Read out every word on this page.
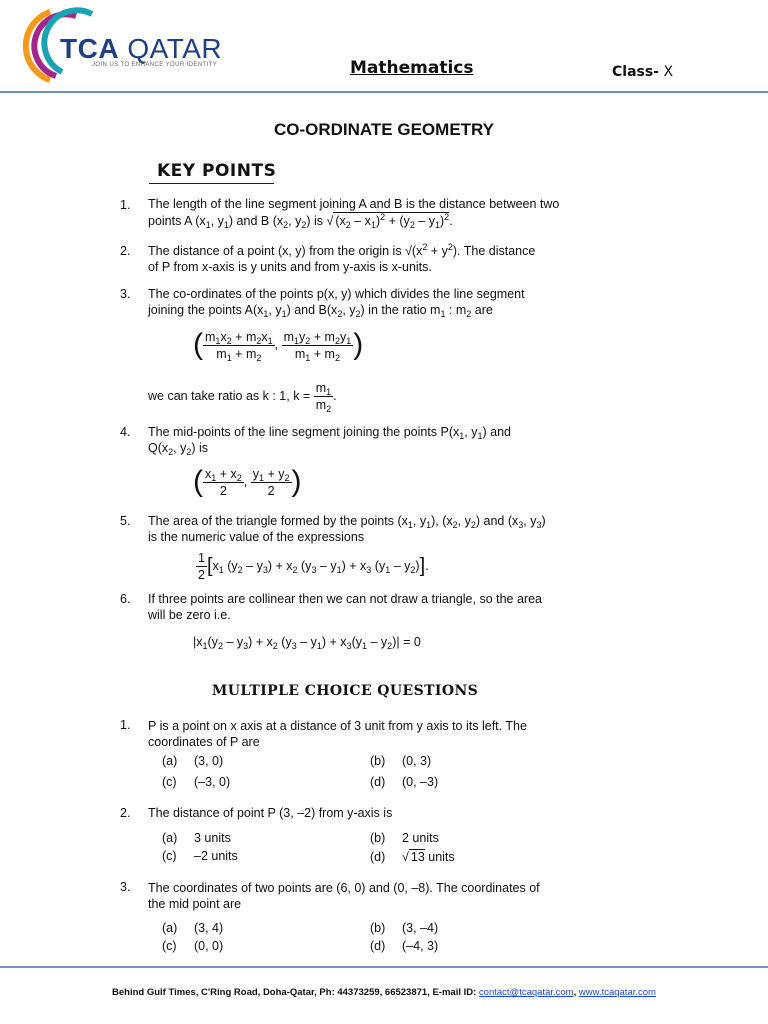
TCA QATAR
JOIN US TO ENHANCE YOUR IDENTITY	Mathematics	Class- X
CO-ORDINATE GEOMETRY
KEY POINTS
1. The length of the line segment joining A and B is the distance between two
points A ($x_1$, $y_1$) and B ($x_2$, $y_2$) is √ $(x_2 - x_1)^2 + (y_2 - y_1)^2$.
2. The distance of a point (x, y) from the origin is $√(x^2 + y^2)$. The distance
of P from x-axis is y units and from y-axis is x-units.
3. The co-ordinates of the points p(x, y) which divides the line segment
joining the points $A(x_1$, $y_1$) and $B(x_2$, $y_2$) in the ratio $m_1$ : $m_2$ are
( $\frac{m_1x_2 + m_2x_1}{m_1 + m_2}$ , $\frac{m_1y_2 + m_2y_1}{m_1 + m_2}$ )
we can take ratio as k : 1, $k = \frac{m_1}{m_2}$ .
4. The mid-points of the line segment joining the points $P(x_1$, $y_1$) and
$Q(x_2$, $y_2$) is
( $\frac{x_1 + x_2}{2}$ , $\frac{y_1 + y_2}{2}$ )
5. The area of the triangle formed by the points ($x_1$, $y_1$), ($x_2$, $y_2$) and ($x_3$, $y_3$)
is the numeric value of the expressions
$\frac{1}{2} [x_1$ $(y_2 - y_3) + x_2$ $(y_3 - y_1) + x_3$ $(y_1 - y_2)$].
6. If three points are collinear then we can not draw a triangle, so the area
will be zero i.e.
$|x_1(y_2 - y_3) + x_2$ $(y_3 - y_1) + x_3(y_1 - y_2)| = 0$
MULTIPLE CHOICE QUESTIONS
1. P is a point on x axis at a distance of 3 unit from y axis to its left. The
coordinates of P are
(a) (3, 0)	(b) (0, 3)
(c) (–3, 0)	(d) (0, –3)
2. The distance of point P (3, –2) from y-axis is
(a) 3 units	(b) 2 units
(c) –2 units	(d) √ 13 units
3. The coordinates of two points are (6, 0) and (0, –8). The coordinates of
the mid point are
(a) (3, 4)	(b) (3, –4)
(c) (0, 0)	(d) (–4, 3)
Behind Gulf Times, C'Ring Road, Doha-Qatar, Ph: 44373259, 66523871, E-mail ID: contact@tcaqatar.com, www.tcaqatar.com
